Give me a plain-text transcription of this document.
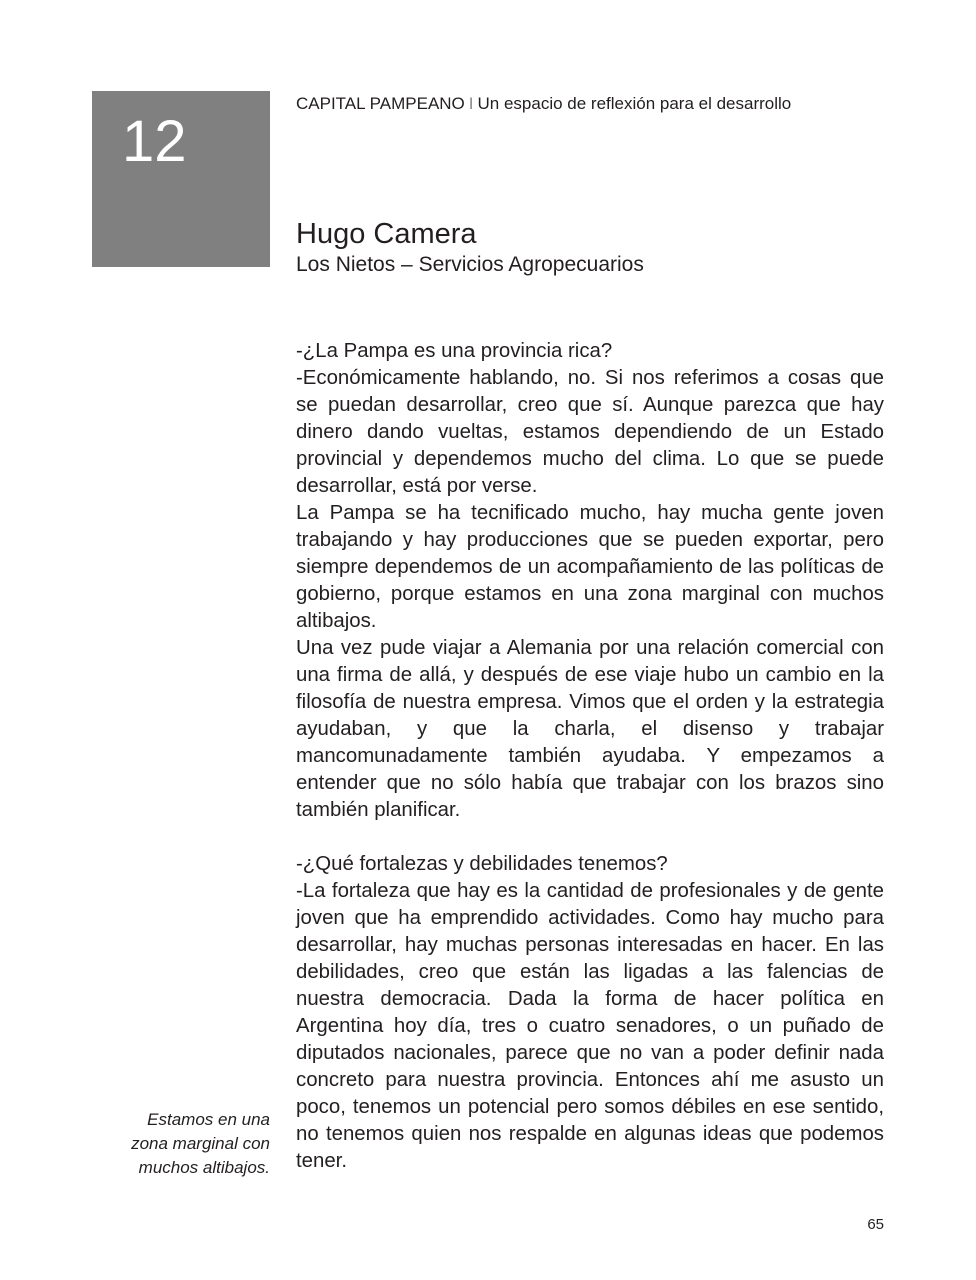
12
CAPITAL PAMPEANO I Un espacio de reflexión para el desarrollo
Hugo Camera
Los Nietos – Servicios Agropecuarios

-¿La Pampa es una provincia rica?

-Económicamente hablando, no. Si nos referimos a cosas que se puedan desarrollar, creo que sí. Aunque parezca que hay dinero dando vueltas, estamos dependiendo de un Estado provincial y dependemos mucho del clima. Lo que se puede desarrollar, está por verse.

La Pampa se ha tecnificado mucho, hay mucha gente joven trabajando y hay producciones que se pueden exportar, pero siempre dependemos de un acompañamiento de las políticas de gobierno, porque estamos en una zona marginal con muchos altibajos.

Una vez pude viajar a Alemania por una relación comercial con una firma de allá, y después de ese viaje hubo un cambio en la filosofía de nuestra empresa. Vimos que el orden y la estrategia ayudaban, y que la charla, el disenso y trabajar mancomunadamente también ayudaba. Y empezamos a entender que no sólo había que trabajar con los brazos sino también planificar.

-¿Qué fortalezas y debilidades tenemos?

-La fortaleza que hay es la cantidad de profesionales y de gente joven que ha emprendido actividades. Como hay mucho para desarrollar, hay muchas personas interesadas en hacer. En las debilidades, creo que están las ligadas a las falencias de nuestra democracia. Dada la forma de hacer política en Argentina hoy día, tres o cuatro senadores, o un puñado de diputados nacionales, parece que no van a poder definir nada concreto para nuestra provincia. Entonces ahí me asusto un poco, tenemos un potencial pero somos débiles en ese sentido, no tenemos quien nos respalde en algunas ideas que podemos tener.

Estamos en una
zona marginal con
muchos altibajos.
65
